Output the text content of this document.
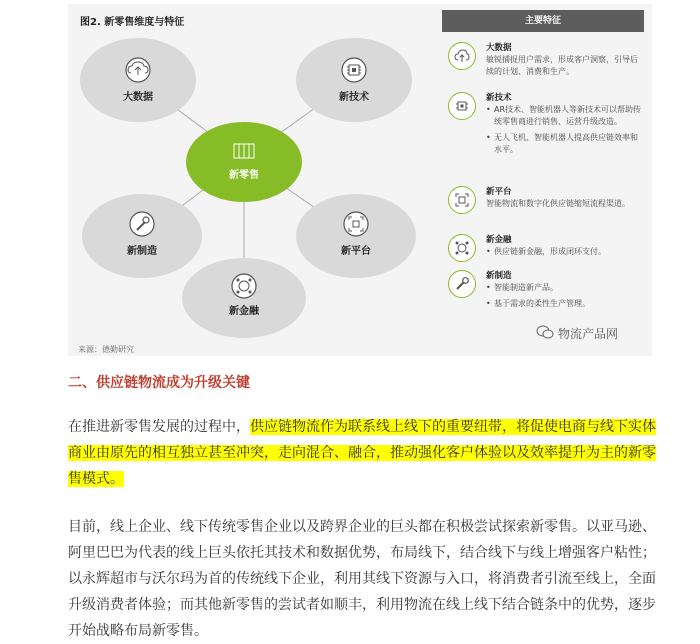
图2. 新零售维度与特征
大数据	新技术
新制造	新平台
新金融
新零售
来源：德勤研究
主要特征
大数据
敏锐捕捉用户需求，形成客户洞察，引导后续的计划、消费和生产。
新技术
• AR技术、智能机器人等新技术可以帮助传统零售商进行销售、运营升级改造。
• 无人飞机、智能机器人提高供应链效率和水平。
新平台
智能物流和数字化供应链缩短流程渠道。
新金融
• 供应链新金融，形成闭环支付。
新制造
• 智能制造新产品。
• 基于需求的柔性生产管理。
物流产品网
二、供应链物流成为升级关键

在推进新零售发展的过程中，供应链物流作为联系线上线下的重要纽带，将促使电商与线下实体商业由原先的相互独立甚至冲突，走向混合、融合，推动强化客户体验以及效率提升为主的新零售模式。

目前，线上企业、线下传统零售企业以及跨界企业的巨头都在积极尝试探索新零售。以亚马逊、阿里巴巴为代表的线上巨头依托其技术和数据优势，布局线下，结合线下与线上增强客户粘性；以永辉超市与沃尔玛为首的传统线下企业，利用其线下资源与入口，将消费者引流至线上，全面升级消费者体验；而其他新零售的尝试者如顺丰，利用物流在线上线下结合链条中的优势，逐步开始战略布局新零售。
